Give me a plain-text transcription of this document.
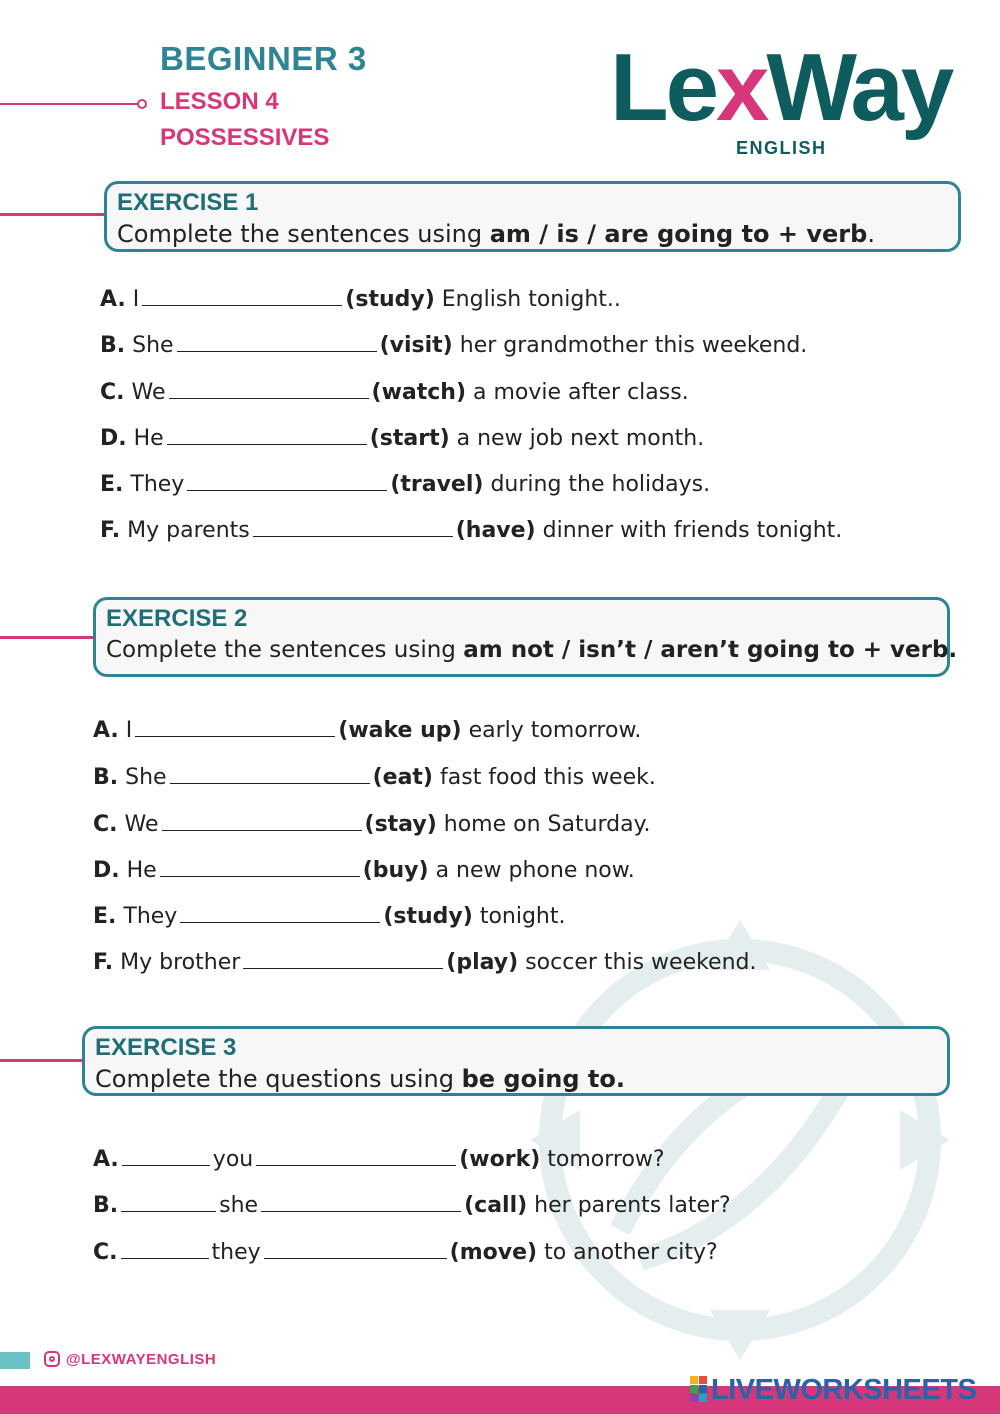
BEGINNER 3
LESSON 4
POSSESSIVES	LexWay
ENGLISH
EXERCISE 1
Complete the sentences using am / is / are going to + verb.
A. I	(study) English tonight..
B. She	(visit) her grandmother this weekend.
C. We	(watch) a movie after class.
D. He	(start) a new job next month.
E. They	(travel) during the holidays.
F. My parents	(have) dinner with friends tonight.
EXERCISE 2
Complete the sentences using am not / isn’t / aren’t going to + verb.
A. I	(wake up) early tomorrow.
B. She	(eat) fast food this week.
C. We	(stay) home on Saturday.
D. He	(buy) a new phone now.
E. They	(study) tonight.
F. My brother	(play) soccer this weekend.
EXERCISE 3
Complete the questions using be going to.
A.	you	(work) tomorrow?
B.	she	(call) her parents later?
C.	they	(move) to another city?
@LEXWAYENGLISH
LIVEWORKSHEETS
